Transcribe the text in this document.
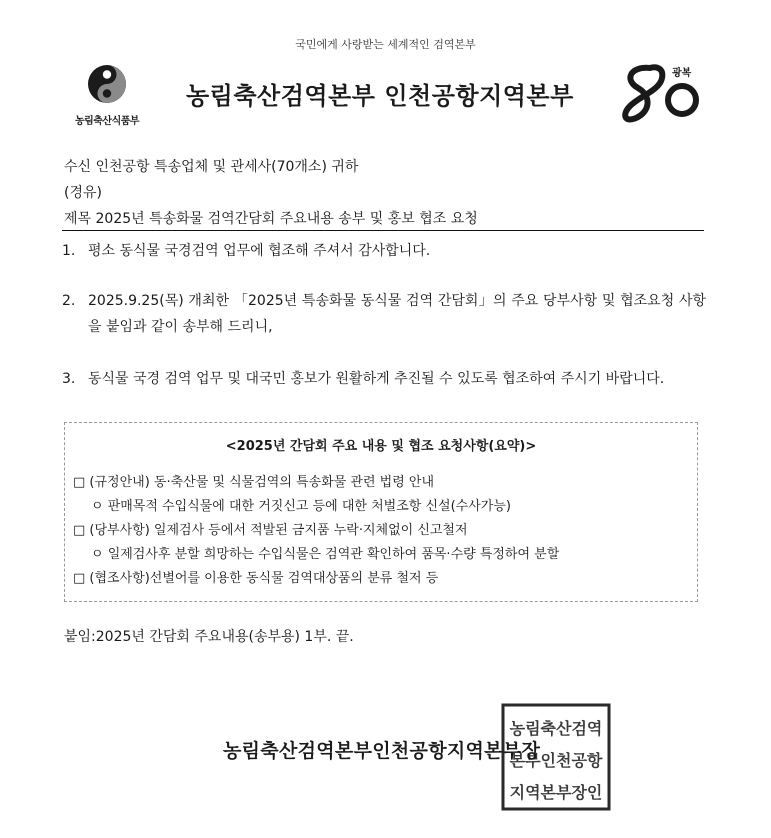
국민에게 사랑받는 세계적인 검역본부
농림축산식품부
농림축산검역본부 인천공항지역본부
광복
수신 인천공항 특송업체 및 관세사(70개소) 귀하
(경유)
제목 2025년 특송화물 검역간담회 주요내용 송부 및 홍보 협조 요청
1. 평소 동식물 국경검역 업무에 협조해 주셔서 감사합니다.
2. 2025.9.25(목) 개최한 「2025년 특송화물 동식물 검역 간담회」의 주요 당부사항 및 협조요청 사항을 붙임과 같이 송부해 드리니,
3. 동식물 국경 검역 업무 및 대국민 홍보가 원활하게 추진될 수 있도록 협조하여 주시기 바랍니다.
<2025년 간담회 주요 내용 및 협조 요청사항(요약)>
□ (규정안내) 동·축산물 및 식물검역의 특송화물 관련 법령 안내
ㅇ 판매목적 수입식물에 대한 거짓신고 등에 대한 처벌조항 신설(수사가능)
□ (당부사항) 일제검사 등에서 적발된 금지품 누락·지체없이 신고철저
ㅇ 일제검사후 분할 희망하는 수입식물은 검역관 확인하여 품목·수량 특정하여 분할
□ (협조사항)선별어를 이용한 동식물 검역대상품의 분류 철저 등
붙임:2025년 간담회 주요내용(송부용) 1부. 끝.
농림축산검역
본부인천공항
지역본부장인
농림축산검역본부인천공항지역본부장
